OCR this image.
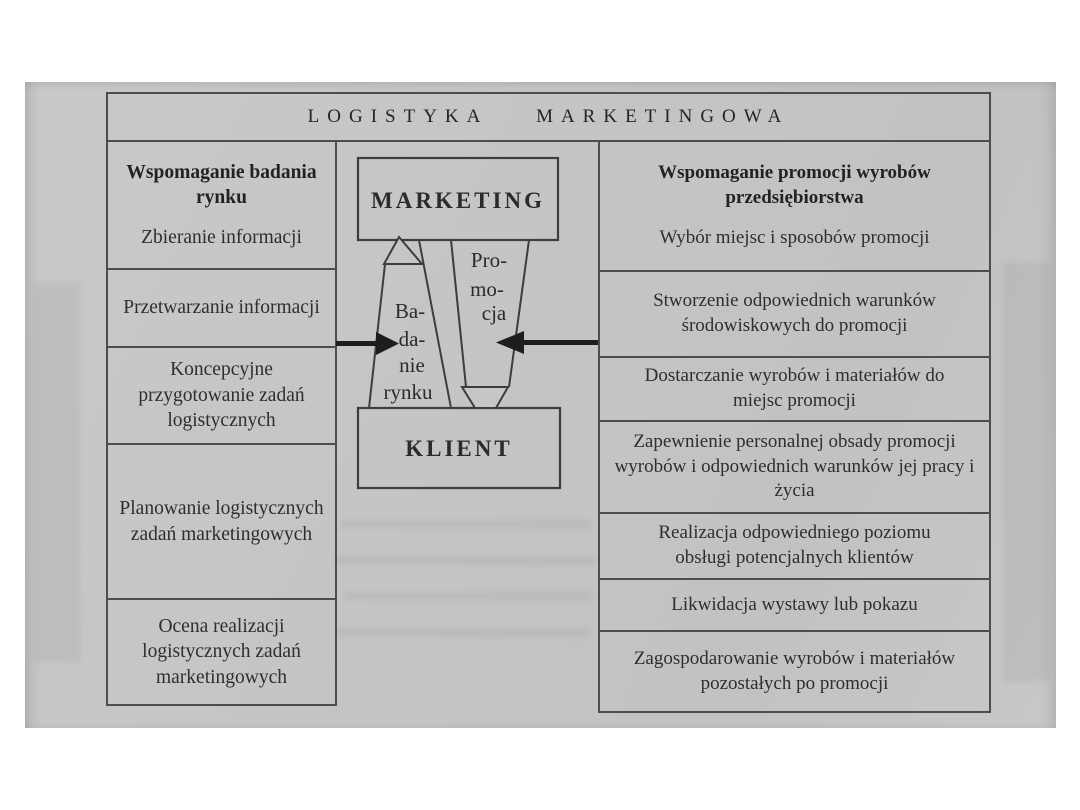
LOGISTYKA MARKETINGOWA
Wspomaganie badania rynku
Zbieranie informacji
Przetwarzanie informacji
Koncepcyjne przygotowanie zadań logistycznych
Planowanie logistycznych zadań marketingowych
Ocena realizacji logistycznych zadań marketingowych
Wspomaganie promocji wyrobów przedsiębiorstwa
Wybór miejsc i sposobów promocji
Stworzenie odpowiednich warunków środowiskowych do promocji
Dostarczanie wyrobów i materiałów do miejsc promocji
Zapewnienie personalnej obsady promocji wyrobów i odpowiednich warunków jej pracy i życia
Realizacja odpowiedniego poziomu obsługi potencjalnych klientów
Likwidacja wystawy lub pokazu
Zagospodarowanie wyrobów i materiałów pozostałych po promocji
MARKETING
KLIENT
Ba-
da-
nie
rynku
Pro-
mo-
cja
